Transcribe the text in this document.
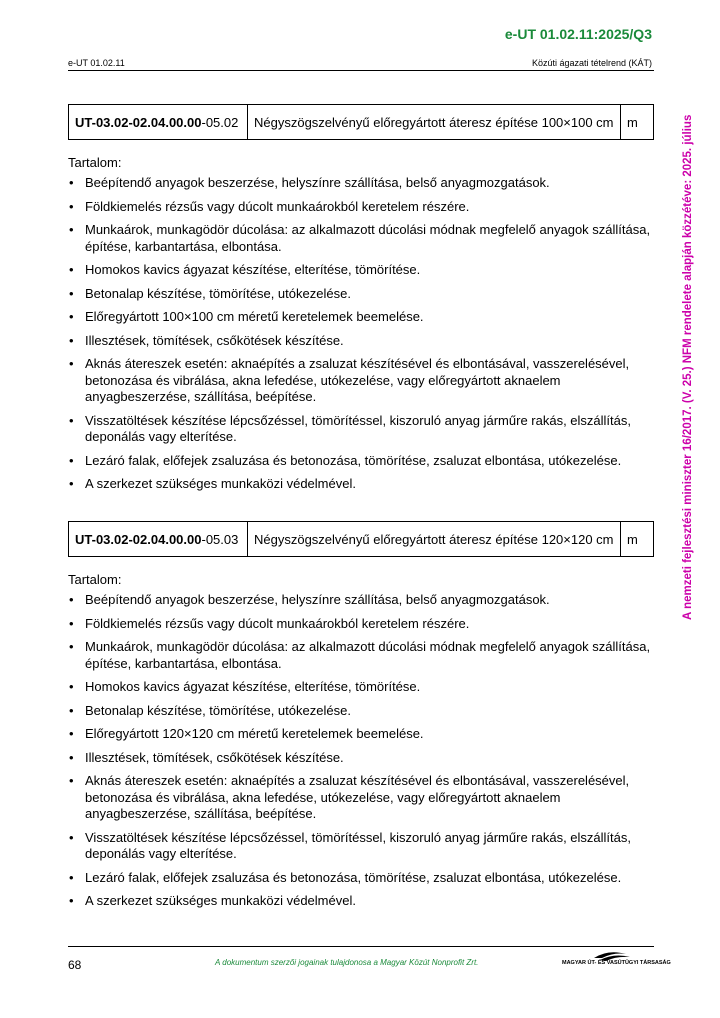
e-UT 01.02.11:2025/Q3
e-UT 01.02.11	Közúti ágazati tételrend (KÁT)
A nemzeti fejlesztési miniszter 16/2017. (V. 25.) NFM rendelete alapján közzétéve: 2025. július
UT-03.02-02.04.00.00-05.02	Négyszögszelvényű előregyártott áteresz építése 100×100 cm	m
Tartalom:
• Beépítendő anyagok beszerzése, helyszínre szállítása, belső anyagmozgatások.
• Földkiemelés rézsűs vagy dúcolt munkaárokból keretelem részére.
• Munkaárok, munkagödör dúcolása: az alkalmazott dúcolási módnak megfelelő anyagok szállítása, építése, karbantartása, elbontása.
• Homokos kavics ágyazat készítése, elterítése, tömörítése.
• Betonalap készítése, tömörítése, utókezelése.
• Előregyártott 100×100 cm méretű keretelemek beemelése.
• Illesztések, tömítések, csőkötések készítése.
• Aknás átereszek esetén: aknaépítés a zsaluzat készítésével és elbontásával, vasszerelésével, betonozása és vibrálása, akna lefedése, utókezelése, vagy előregyártott aknaelem anyagbeszerzése, szállítása, beépítése.
• Visszatöltések készítése lépcsőzéssel, tömörítéssel, kiszoruló anyag járműre rakás, elszállítás, deponálás vagy elterítése.
• Lezáró falak, előfejek zsaluzása és betonozása, tömörítése, zsaluzat elbontása, utókezelése.
• A szerkezet szükséges munkaközi védelmével.
UT-03.02-02.04.00.00-05.03	Négyszögszelvényű előregyártott áteresz építése 120×120 cm	m
Tartalom:
• Beépítendő anyagok beszerzése, helyszínre szállítása, belső anyagmozgatások.
• Földkiemelés rézsűs vagy dúcolt munkaárokból keretelem részére.
• Munkaárok, munkagödör dúcolása: az alkalmazott dúcolási módnak megfelelő anyagok szállítása, építése, karbantartása, elbontása.
• Homokos kavics ágyazat készítése, elterítése, tömörítése.
• Betonalap készítése, tömörítése, utókezelése.
• Előregyártott 120×120 cm méretű keretelemek beemelése.
• Illesztések, tömítések, csőkötések készítése.
• Aknás átereszek esetén: aknaépítés a zsaluzat készítésével és elbontásával, vasszerelésével, betonozása és vibrálása, akna lefedése, utókezelése, vagy előregyártott aknaelem anyagbeszerzése, szállítása, beépítése.
• Visszatöltések készítése lépcsőzéssel, tömörítéssel, kiszoruló anyag járműre rakás, elszállítás, deponálás vagy elterítése.
• Lezáró falak, előfejek zsaluzása és betonozása, tömörítése, zsaluzat elbontása, utókezelése.
• A szerkezet szükséges munkaközi védelmével.
68	A dokumentum szerzői jogainak tulajdonosa a Magyar Közút Nonprofit Zrt.	MAGYAR ÚT- ÉS VASÚTÜGYI TÁRSASÁG
